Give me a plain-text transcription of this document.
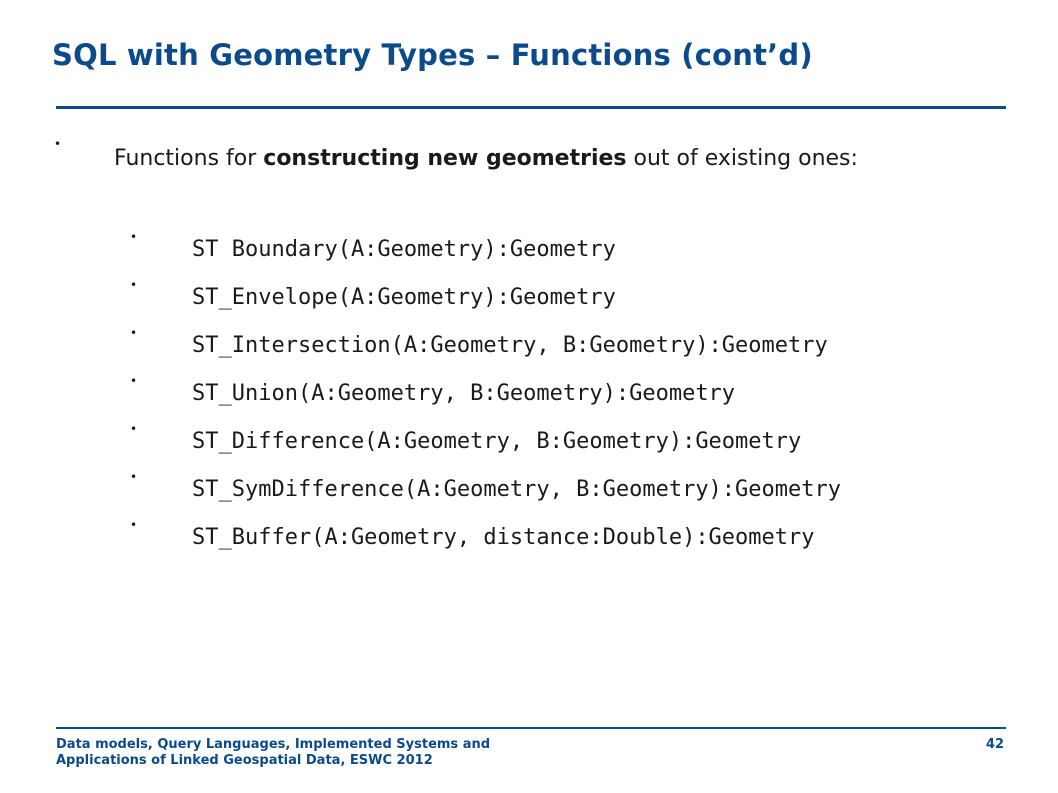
SQL with Geometry Types – Functions (cont’d)
•
Functions for constructing new geometries out of existing ones:
• ST Boundary(A:Geometry):Geometry
• ST_Envelope(A:Geometry):Geometry
• ST_Intersection(A:Geometry, B:Geometry):Geometry
• ST_Union(A:Geometry, B:Geometry):Geometry
• ST_Difference(A:Geometry, B:Geometry):Geometry
• ST_SymDifference(A:Geometry, B:Geometry):Geometry
• ST_Buffer(A:Geometry, distance:Double):Geometry
Data models, Query Languages, Implemented Systems and
Applications of Linked Geospatial Data, ESWC 2012
42
